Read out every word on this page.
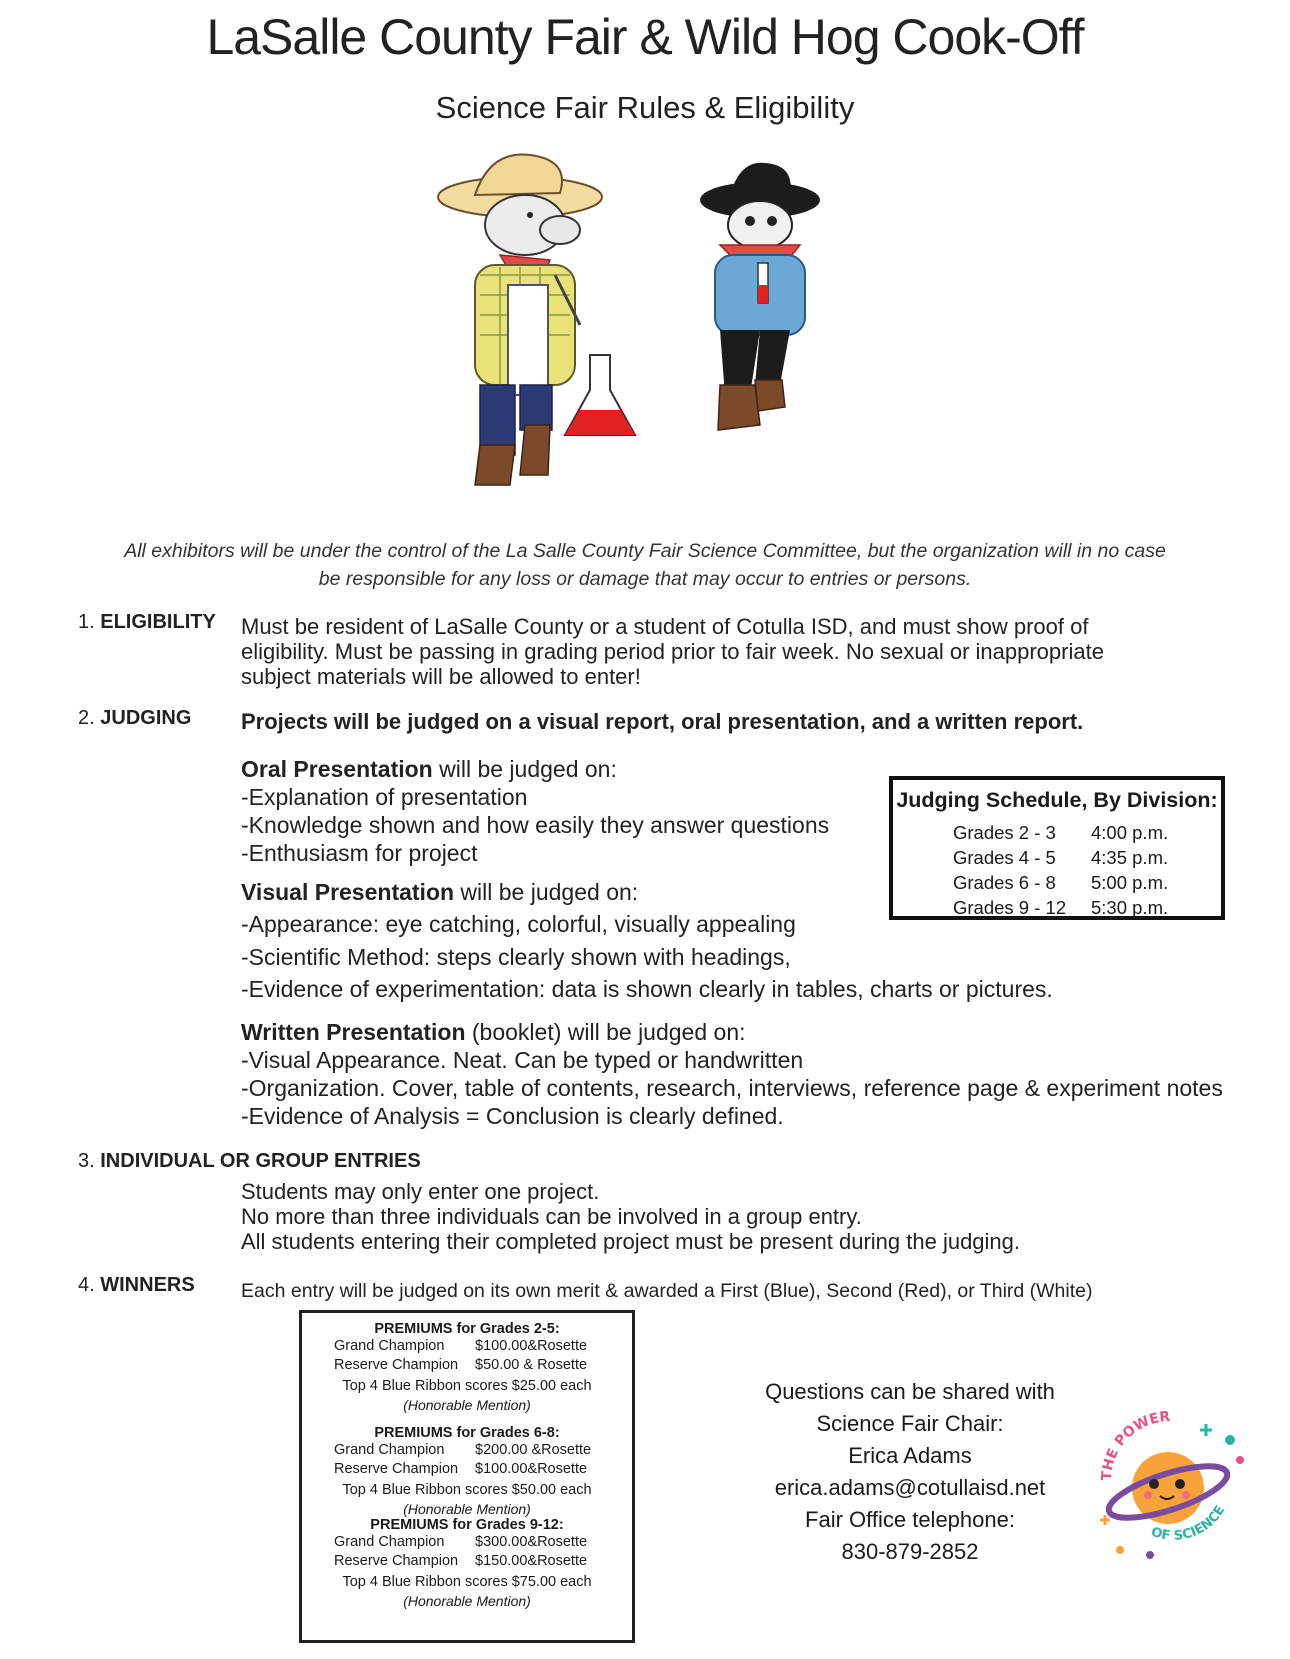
LaSalle County Fair & Wild Hog Cook-Off
Science Fair Rules & Eligibility
All exhibitors will be under the control of the La Salle County Fair Science Committee, but the organization will in no case
be responsible for any loss or damage that may occur to entries or persons.
1. ELIGIBILITY Must be resident of LaSalle County or a student of Cotulla ISD, and must show proof of
eligibility. Must be passing in grading period prior to fair week. No sexual or inappropriate
subject materials will be allowed to enter!
2. JUDGING Projects will be judged on a visual report, oral presentation, and a written report.
Oral Presentation will be judged on:
-Explanation of presentation
-Knowledge shown and how easily they answer questions
-Enthusiasm for project
Visual Presentation will be judged on:
-Appearance: eye catching, colorful, visually appealing
-Scientific Method: steps clearly shown with headings,
-Evidence of experimentation: data is shown clearly in tables, charts or pictures.
Written Presentation (booklet) will be judged on:
-Visual Appearance. Neat. Can be typed or handwritten
-Organization. Cover, table of contents, research, interviews, reference page & experiment notes
-Evidence of Analysis = Conclusion is clearly defined.
Judging Schedule, By Division:
Grades 2 - 3 4:00 p.m.
Grades 4 - 5 4:35 p.m.
Grades 6 - 8 5:00 p.m.
Grades 9 - 12 5:30 p.m.
3. INDIVIDUAL OR GROUP ENTRIES
Students may only enter one project.
No more than three individuals can be involved in a group entry.
All students entering their completed project must be present during the judging.
4. WINNERS Each entry will be judged on its own merit & awarded a First (Blue), Second (Red), or Third (White)
PREMIUMS for Grades 2-5:
Grand Champion $100.00&Rosette
Reserve Champion $50.00 & Rosette
Top 4 Blue Ribbon scores $25.00 each
(Honorable Mention)
PREMIUMS for Grades 6-8:
Grand Champion $200.00 &Rosette
Reserve Champion $100.00&Rosette
Top 4 Blue Ribbon scores $50.00 each
(Honorable Mention)
PREMIUMS for Grades 9-12:
Grand Champion $300.00&Rosette
Reserve Champion $150.00&Rosette
Top 4 Blue Ribbon scores $75.00 each
(Honorable Mention)
Questions can be shared with
Science Fair Chair:
Erica Adams
erica.adams@cotullaisd.net
Fair Office telephone:
830-879-2852
THE POWER
OF SCIENCE
